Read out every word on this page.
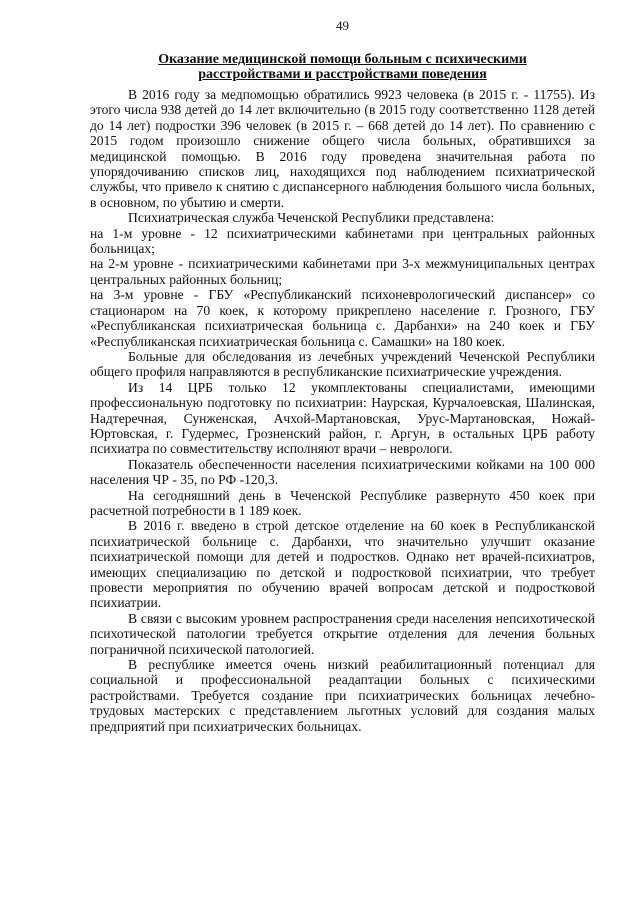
49
Оказание медицинской помощи больным с психическими
расстройствами и расстройствами поведения

В 2016 году за медпомощью обратились 9923 человека (в 2015 г. - 11755). Из этого числа 938 детей до 14 лет включительно (в 2015 году соответственно 1128 детей до 14 лет) подростки 396 человек (в 2015 г. – 668 детей до 14 лет). По сравнению с 2015 годом произошло снижение общего числа больных, обратившихся за медицинской помощью. В 2016 году проведена значительная работа по упорядочиванию списков лиц, находящихся под наблюдением психиатрической службы, что привело к снятию с диспансерного наблюдения большого числа больных, в основном, по убытию и смерти.

Психиатрическая служба Чеченской Республики представлена:

на 1-м уровне - 12 психиатрическими кабинетами при центральных районных больницах;

на 2-м уровне - психиатрическими кабинетами при 3-х межмуниципальных центрах центральных районных больниц;

на 3-м уровне - ГБУ «Республиканский психоневрологический диспансер» со стационаром на 70 коек, к которому прикреплено население г. Грозного, ГБУ «Республиканская психиатрическая больница с. Дарбанхи» на 240 коек и ГБУ «Республиканская психиатрическая больница с. Самашки» на 180 коек.

Больные для обследования из лечебных учреждений Чеченской Республики общего профиля направляются в республиканские психиатрические учреждения.

Из 14 ЦРБ только 12 укомплектованы специалистами, имеющими профессиональную подготовку по психиатрии: Наурская, Курчалоевская, Шалинская, Надтеречная, Сунженская, Ачхой-Мартановская, Урус-Мартановская, Ножай-Юртовская, г. Гудермес, Грозненский район, г. Аргун, в остальных ЦРБ работу психиатра по совместительству исполняют врачи – неврологи.

Показатель обеспеченности населения психиатрическими койками на 100 000 населения ЧР - 35, по РФ -120,3.

На сегодняшний день в Чеченской Республике развернуто 450 коек при расчетной потребности в 1 189 коек.

В 2016 г. введено в строй детское отделение на 60 коек в Республиканской психиатрической больнице с. Дарбанхи, что значительно улучшит оказание психиатрической помощи для детей и подростков. Однако нет врачей-психиатров, имеющих специализацию по детской и подростковой психиатрии, что требует провести мероприятия по обучению врачей вопросам детской и подростковой психиатрии.

В связи с высоким уровнем распространения среди населения непсихотической психотической патологии требуется открытие отделения для лечения больных пограничной психической патологией.

В республике имеется очень низкий реабилитационный потенциал для социальной и профессиональной реадаптации больных с психическими растройствами. Требуется создание при психиатрических больницах лечебно-трудовых мастерских с представлением льготных условий для создания малых предприятий при психиатрических больницах.
